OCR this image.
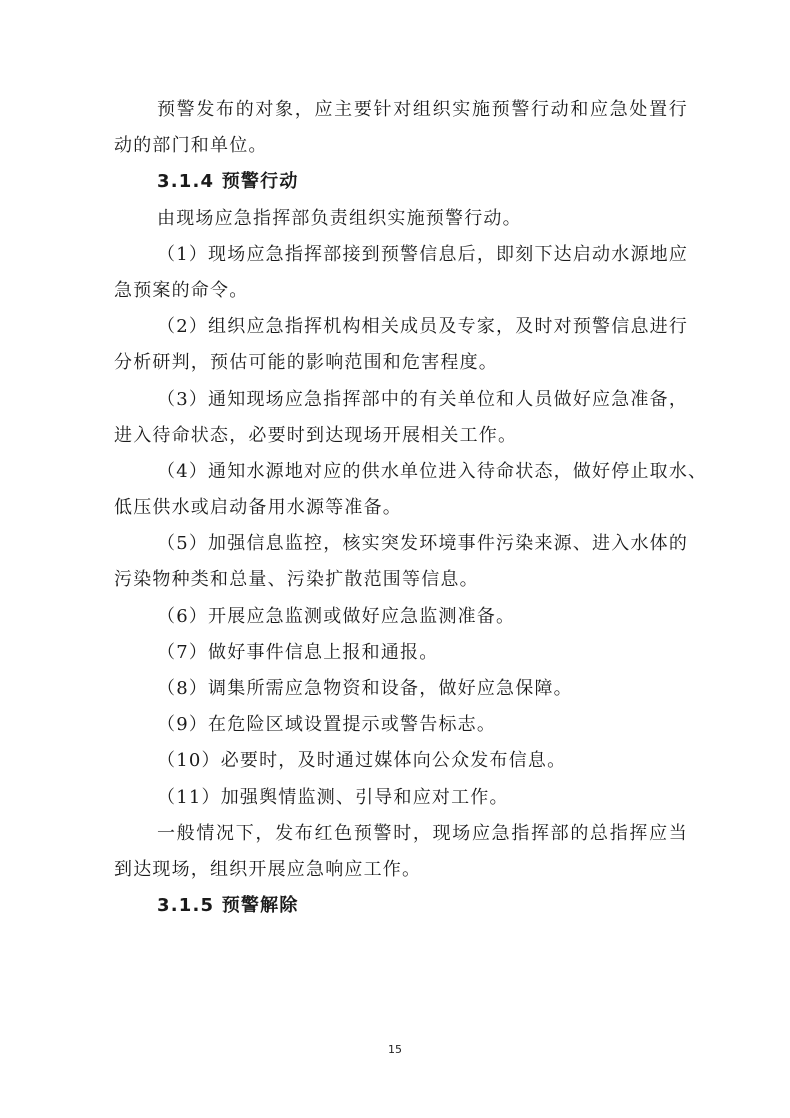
预警发布的对象，应主要针对组织实施预警行动和应急处置行
动的部门和单位。
3.1.4 预警行动
由现场应急指挥部负责组织实施预警行动。
（1）现场应急指挥部接到预警信息后，即刻下达启动水源地应
急预案的命令。
（2）组织应急指挥机构相关成员及专家，及时对预警信息进行
分析研判，预估可能的影响范围和危害程度。
（3）通知现场应急指挥部中的有关单位和人员做好应急准备，
进入待命状态，必要时到达现场开展相关工作。
（4）通知水源地对应的供水单位进入待命状态，做好停止取水、
低压供水或启动备用水源等准备。
（5）加强信息监控，核实突发环境事件污染来源、进入水体的
污染物种类和总量、污染扩散范围等信息。
（6）开展应急监测或做好应急监测准备。
（7）做好事件信息上报和通报。
（8）调集所需应急物资和设备，做好应急保障。
（9）在危险区域设置提示或警告标志。
（10）必要时，及时通过媒体向公众发布信息。
（11）加强舆情监测、引导和应对工作。
一般情况下，发布红色预警时，现场应急指挥部的总指挥应当
到达现场，组织开展应急响应工作。
3.1.5 预警解除
15
